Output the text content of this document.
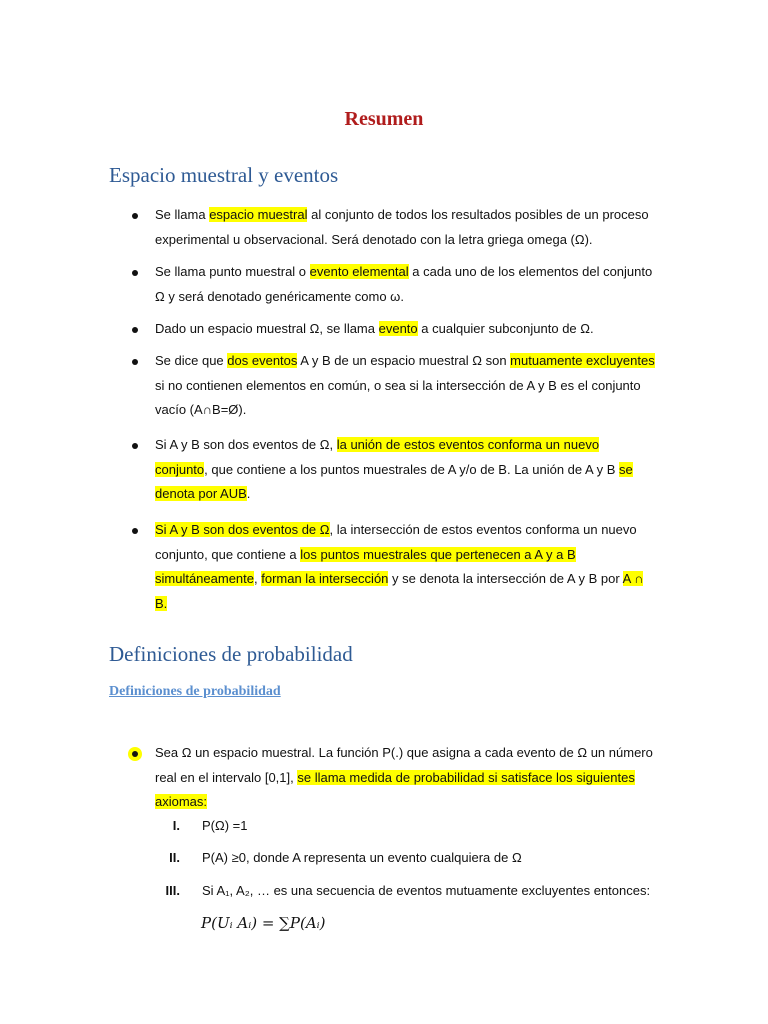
Resumen
Espacio muestral y eventos
Se llama espacio muestral al conjunto de todos los resultados posibles de un proceso experimental u observacional. Será denotado con la letra griega omega (Ω).
Se llama punto muestral o evento elemental a cada uno de los elementos del conjunto Ω y será denotado genéricamente como ω.
Dado un espacio muestral Ω, se llama evento a cualquier subconjunto de Ω.
Se dice que dos eventos A y B de un espacio muestral Ω son mutuamente excluyentes si no contienen elementos en común, o sea si la intersección de A y B es el conjunto vacío (A∩B=Ø).
Si A y B son dos eventos de Ω, la unión de estos eventos conforma un nuevo conjunto, que contiene a los puntos muestrales de A y/o de B. La unión de A y B se denota por AUB.
Si A y B son dos eventos de Ω, la intersección de estos eventos conforma un nuevo conjunto, que contiene a los puntos muestrales que pertenecen a A y a B simultáneamente, forman la intersección y se denota la intersección de A y B por A ∩ B.
Definiciones de probabilidad
Definiciones de probabilidad
Sea Ω un espacio muestral. La función P(.) que asigna a cada evento de Ω un número real en el intervalo [0,1], se llama medida de probabilidad si satisface los siguientes axiomas:
I. P(Ω) =1
II. P(A) ≥0, donde A representa un evento cualquiera de Ω
III. Si A₁, A₂, … es una secuencia de eventos mutuamente excluyentes entonces:
P(Uᵢ Aᵢ) = ∑P(Aᵢ)
